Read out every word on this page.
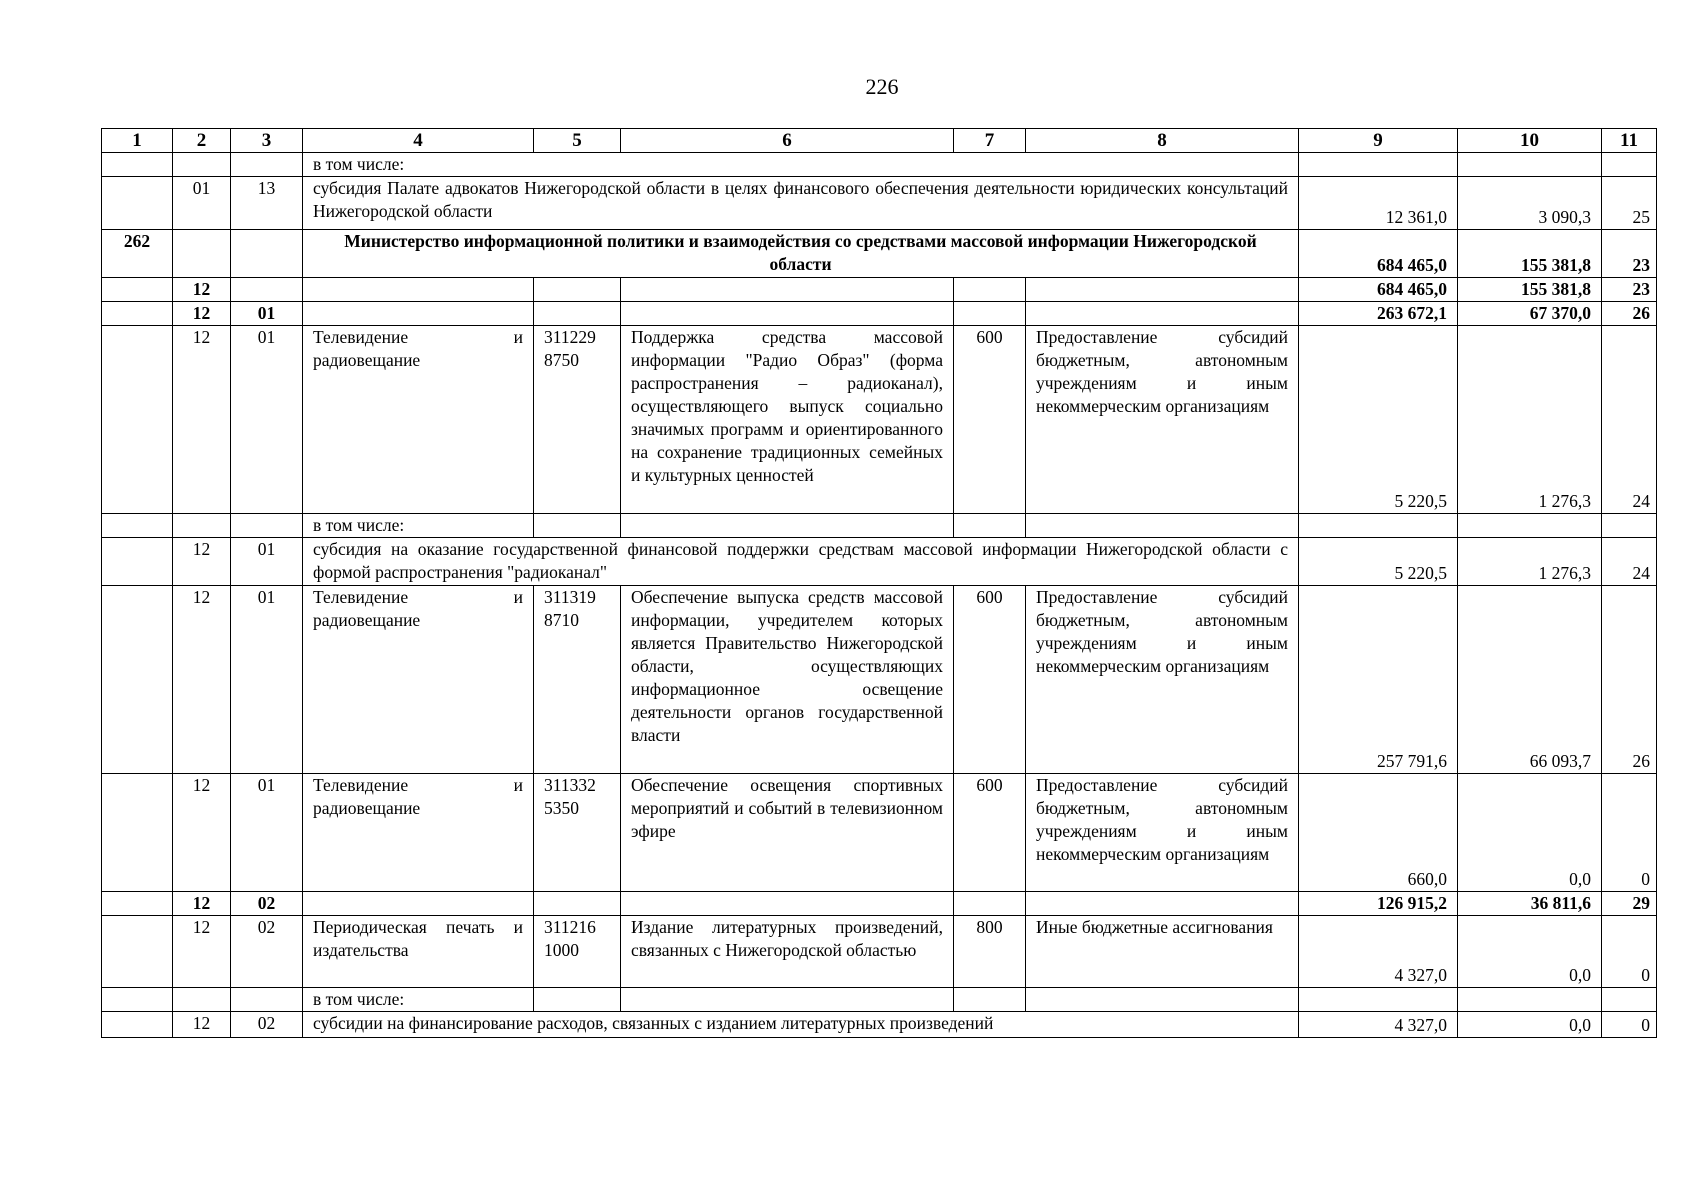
226
1	2	3	4	5	6	7	8	9	10	11
			в том числе:							
	01	13	субсидия Палате адвокатов Нижегородской области в целях финансового обеспечения деятельности юридических консультаций Нижегородской области					12 361,0	3 090,3	25
262			Министерство информационной политики и взаимодействия со средствами массовой информации Нижегородской области					684 465,0	155 381,8	23
	12							684 465,0	155 381,8	23
	12	01						263 672,1	67 370,0	26
	12	01	Телевидение и радиовещание	311229 8750	Поддержка средства массовой информации "Радио Образ" (форма распространения – радиоканал), осуществляющего выпуск социально значимых программ и ориентированного на сохранение традиционных семейных и культурных ценностей	600	Предоставление субсидий бюджетным, автономным учреждениям и иным некоммерческим организациям	5 220,5	1 276,3	24
			в том числе:							
	12	01	субсидия на оказание государственной финансовой поддержки средствам массовой информации Нижегородской области с формой распространения "радиоканал"					5 220,5	1 276,3	24
	12	01	Телевидение и радиовещание	311319 8710	Обеспечение выпуска средств массовой информации, учредителем которых является Правительство Нижегородской области, осуществляющих информационное освещение деятельности органов государственной власти	600	Предоставление субсидий бюджетным, автономным учреждениям и иным некоммерческим организациям	257 791,6	66 093,7	26
	12	01	Телевидение и радиовещание	311332 5350	Обеспечение освещения спортивных мероприятий и событий в телевизионном эфире	600	Предоставление субсидий бюджетным, автономным учреждениям и иным некоммерческим организациям	660,0	0,0	0
	12	02						126 915,2	36 811,6	29
	12	02	Периодическая печать и издательства	311216 1000	Издание литературных произведений, связанных с Нижегородской областью	800	Иные бюджетные ассигнования	4 327,0	0,0	0
			в том числе:							
	12	02	субсидии на финансирование расходов, связанных с изданием литературных произведений					4 327,0	0,0	0
